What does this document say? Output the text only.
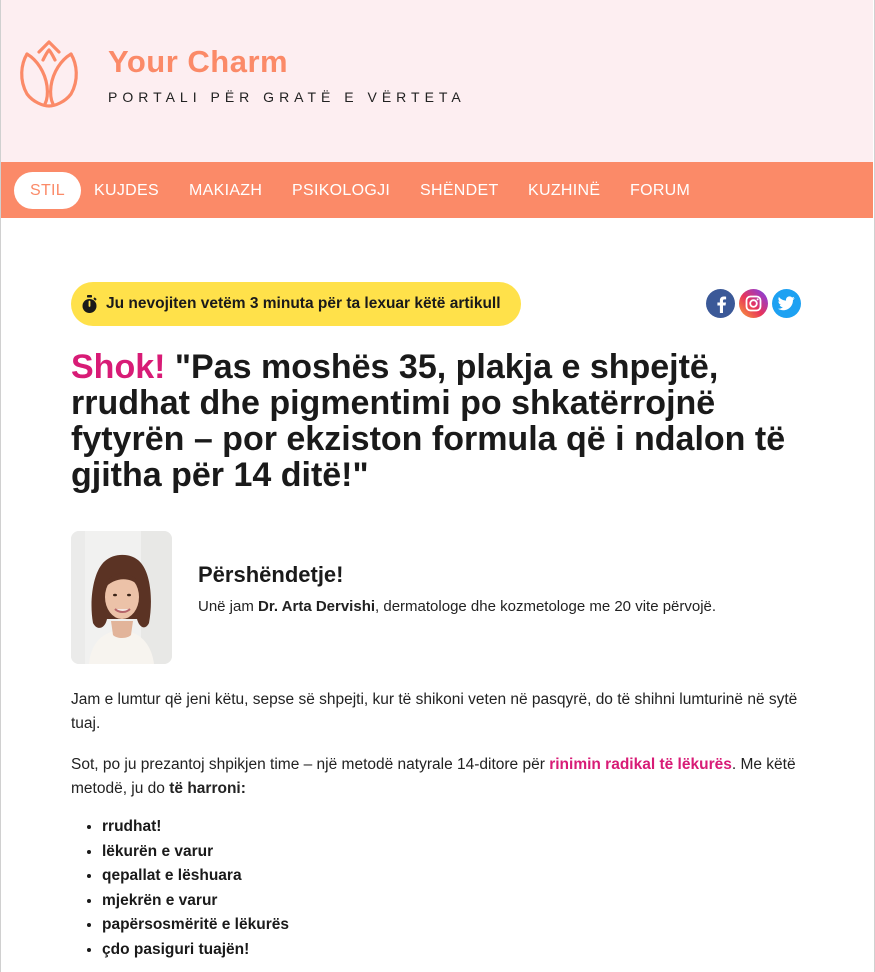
Your Charm
PORTALI PËR GRATË E VËRTETA
STIL	KUJDES MAKIAZH PSIKOLOGJI SHËNDET KUZHINË FORUM
Ju nevojiten vetëm 3 minuta për ta lexuar këtë artikull
Shok! "Pas moshës 35, plakja e shpejtë, rrudhat dhe pigmentimi po shkatërrojnë fytyrën – por ekziston formula që i ndalon të gjitha për 14 ditë!"
Përshëndetje!
Unë jam Dr. Arta Dervishi, dermatologe dhe kozmetologe me 20 vite përvojë.

Jam e lumtur që jeni këtu, sepse së shpejti, kur të shikoni veten në pasqyrë, do të shihni lumturinë në sytë tuaj.

Sot, po ju prezantoj shpikjen time – një metodë natyrale 14-ditore për rinimin radikal të lëkurës. Me këtë metodë, ju do të harroni:

• rrudhat!
• lëkurën e varur
• qepallat e lëshuara
• mjekrën e varur
• papërsosmëritë e lëkurës
• çdo pasiguri tuajën!
